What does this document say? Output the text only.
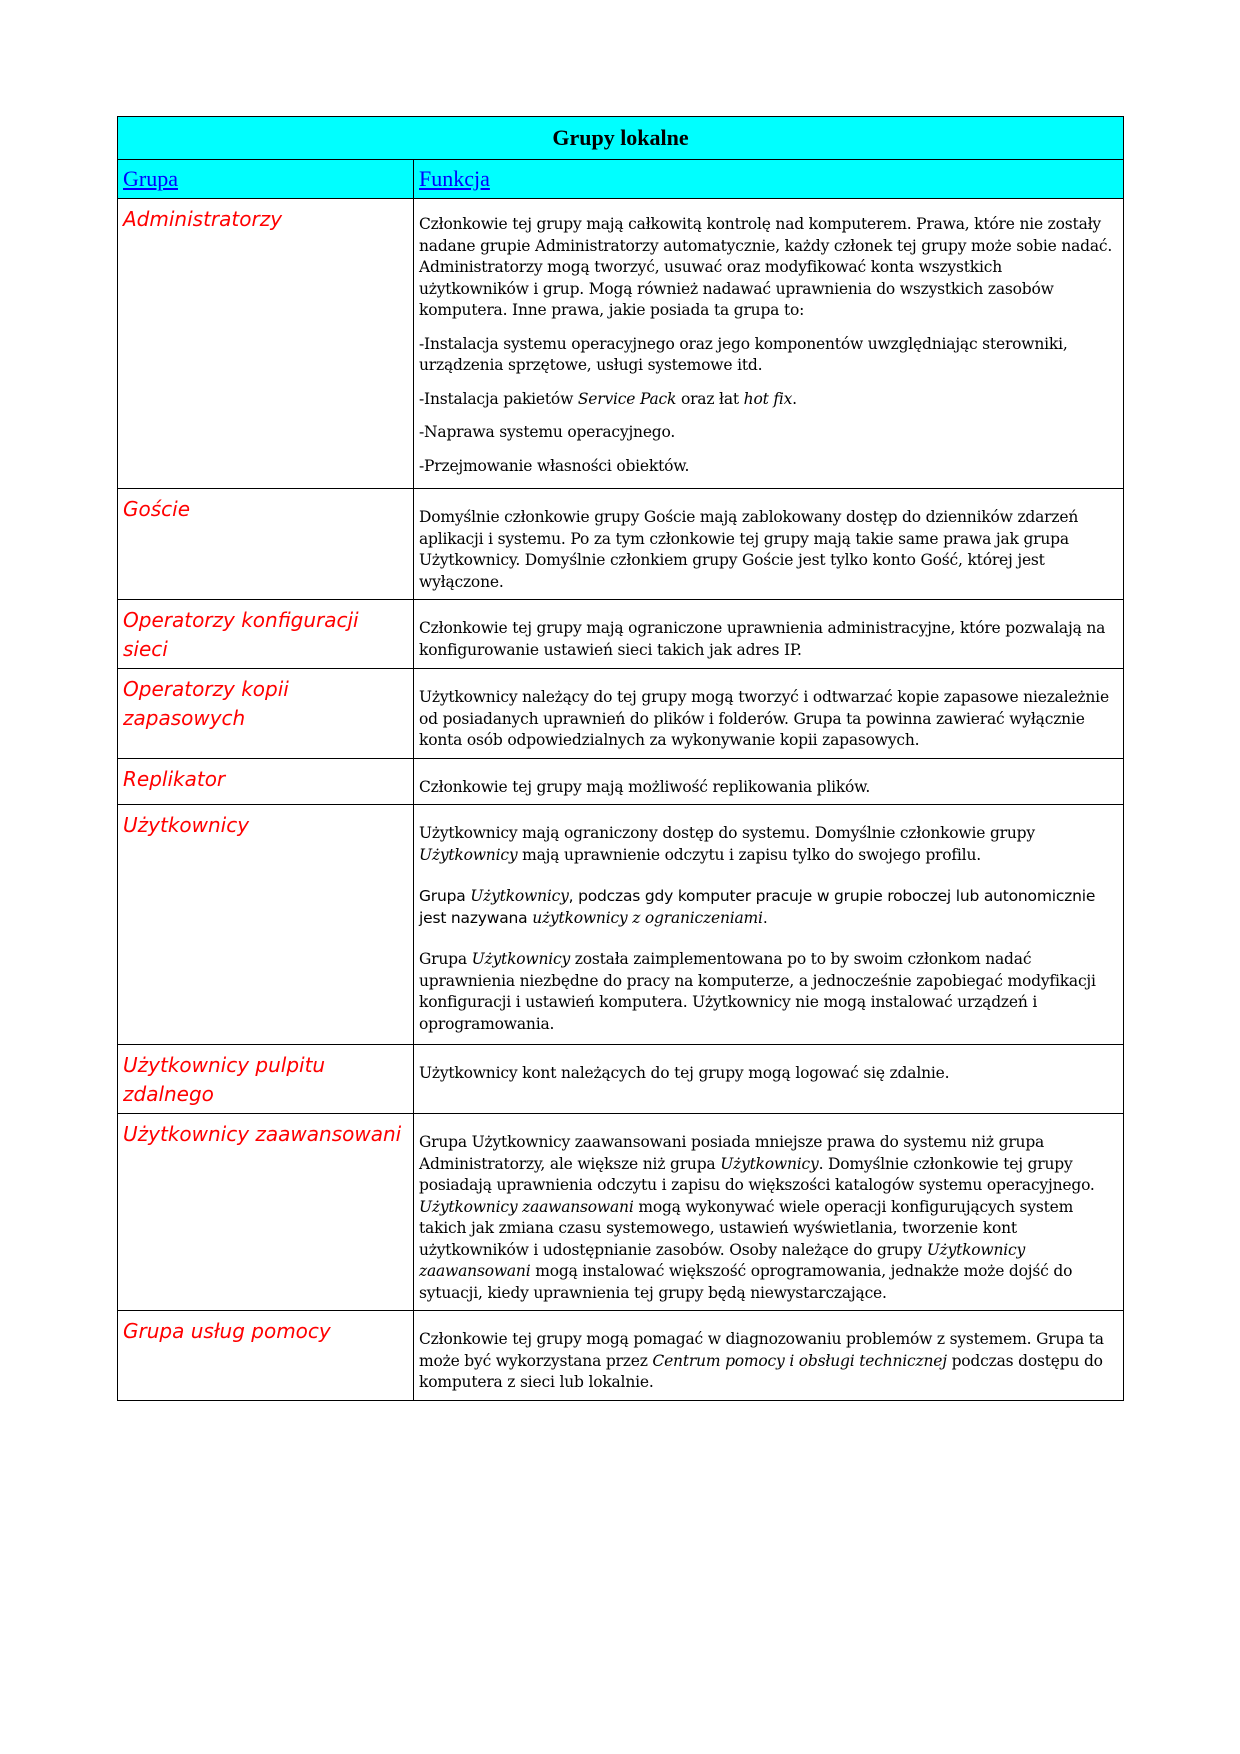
Grupy lokalne	
Grupa	Funkcja

Administratorzy	Członkowie tej grupy mają całkowitą kontrolę nad komputerem. Prawa, które nie zostały nadane grupie Administratorzy automatycznie, każdy członek tej grupy może sobie nadać. Administratorzy mogą tworzyć, usuwać oraz modyfikować konta wszystkich użytkowników i grup. Mogą również nadawać uprawnienia do wszystkich zasobów komputera. Inne prawa, jakie posiada ta grupa to:

-Instalacja systemu operacyjnego oraz jego komponentów uwzględniając sterowniki, urządzenia sprzętowe, usługi systemowe itd.

-Instalacja pakietów Service Pack oraz łat hot fix.

-Naprawa systemu operacyjnego.

-Przejmowanie własności obiektów.

Goście	Domyślnie członkowie grupy Goście mają zablokowany dostęp do dzienników zdarzeń aplikacji i systemu. Po za tym członkowie tej grupy mają takie same prawa jak grupa Użytkownicy. Domyślnie członkiem grupy Goście jest tylko konto Gość, której jest wyłączone.

Operatorzy konfiguracji sieci	Członkowie tej grupy mają ograniczone uprawnienia administracyjne, które pozwalają na konfigurowanie ustawień sieci takich jak adres IP.

Operatorzy kopii zapasowych	Użytkownicy należący do tej grupy mogą tworzyć i odtwarzać kopie zapasowe niezależnie od posiadanych uprawnień do plików i folderów. Grupa ta powinna zawierać wyłącznie konta osób odpowiedzialnych za wykonywanie kopii zapasowych.

Replikator	Członkowie tej grupy mają możliwość replikowania plików.

Użytkownicy	Użytkownicy mają ograniczony dostęp do systemu. Domyślnie członkowie grupy Użytkownicy mają uprawnienie odczytu i zapisu tylko do swojego profilu.

Grupa Użytkownicy, podczas gdy komputer pracuje w grupie roboczej lub autonomicznie jest nazywana użytkownicy z ograniczeniami.

Grupa Użytkownicy została zaimplementowana po to by swoim członkom nadać uprawnienia niezbędne do pracy na komputerze, a jednocześnie zapobiegać modyfikacji konfiguracji i ustawień komputera. Użytkownicy nie mogą instalować urządzeń i oprogramowania.

Użytkownicy pulpitu zdalnego	Użytkownicy kont należących do tej grupy mogą logować się zdalnie.

Użytkownicy zaawansowani	Grupa Użytkownicy zaawansowani posiada mniejsze prawa do systemu niż grupa Administratorzy, ale większe niż grupa Użytkownicy. Domyślnie członkowie tej grupy posiadają uprawnienia odczytu i zapisu do większości katalogów systemu operacyjnego. Użytkownicy zaawansowani mogą wykonywać wiele operacji konfigurujących system takich jak zmiana czasu systemowego, ustawień wyświetlania, tworzenie kont użytkowników i udostępnianie zasobów. Osoby należące do grupy Użytkownicy zaawansowani mogą instalować większość oprogramowania, jednakże może dojść do sytuacji, kiedy uprawnienia tej grupy będą niewystarczające.

Grupa usług pomocy	Członkowie tej grupy mogą pomagać w diagnozowaniu problemów z systemem. Grupa ta może być wykorzystana przez Centrum pomocy i obsługi technicznej podczas dostępu do komputera z sieci lub lokalnie.
